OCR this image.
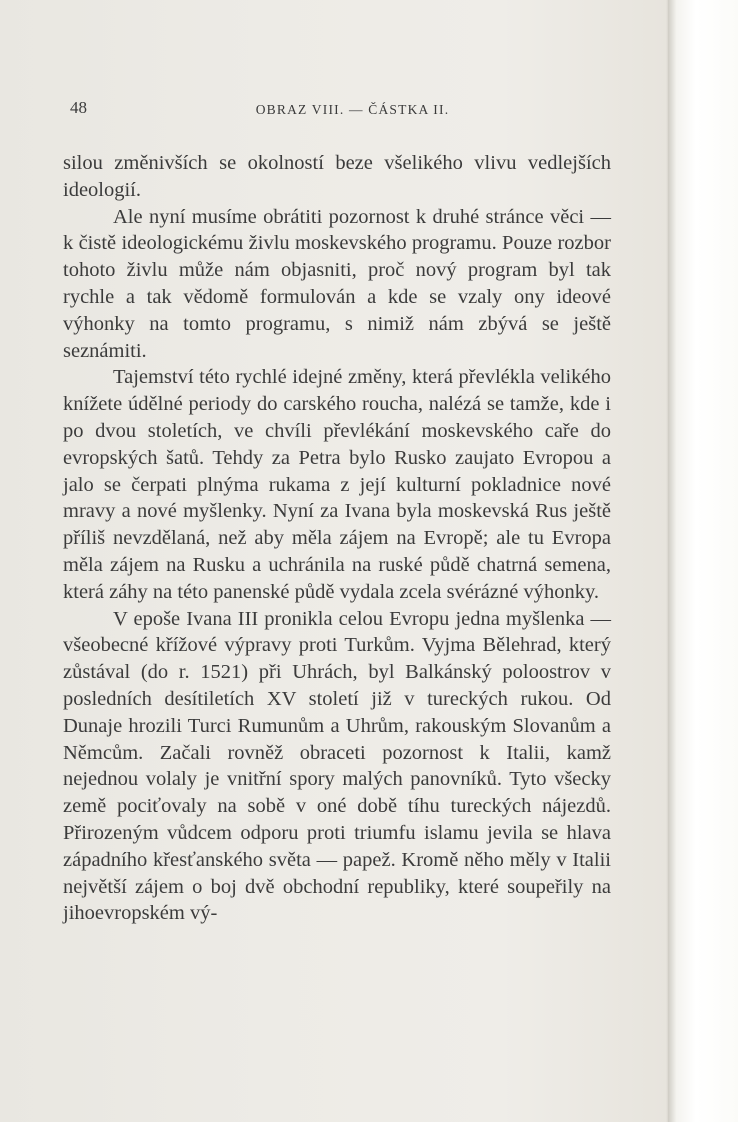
48	OBRAZ VIII. — ČÁSTKA II.

silou změnivších se okolností beze všelikého vlivu vedlejších ideologií.

Ale nyní musíme obrátiti pozornost k druhé stránce věci — k čistě ideologickému živlu moskevského programu. Pouze rozbor tohoto živlu může nám objasniti, proč nový program byl tak rychle a tak vědomě formulován a kde se vzaly ony ideové výhonky na tomto programu, s nimiž nám zbývá se ještě seznámiti.

Tajemství této rychlé idejné změny, která převlékla velikého knížete údělné periody do carského roucha, nalézá se tamže, kde i po dvou stoletích, ve chvíli převlékání moskevského caře do evropských šatů. Tehdy za Petra bylo Rusko zaujato Evropou a jalo se čerpati plnýma rukama z její kulturní pokladnice nové mravy a nové myšlenky. Nyní za Ivana byla moskevská Rus ještě příliš nevzdělaná, než aby měla zájem na Evropě; ale tu Evropa měla zájem na Rusku a uchránila na ruské půdě chatrná semena, která záhy na této panenské půdě vydala zcela svérázné výhonky.

V epoše Ivana III pronikla celou Evropu jedna myšlenka — všeobecné křížové výpravy proti Turkům. Vyjma Bělehrad, který zůstával (do r. 1521) při Uhrách, byl Balkánský poloostrov v posledních desítiletích XV století již v tureckých rukou. Od Dunaje hrozili Turci Rumunům a Uhrům, rakouským Slovanům a Němcům. Začali rovněž obraceti pozornost k Italii, kamž nejednou volaly je vnitřní spory malých panovníků. Tyto všecky země pociťovaly na sobě v oné době tíhu tureckých nájezdů. Přirozeným vůdcem odporu proti triumfu islamu jevila se hlava západního křesťanského světa — papež. Kromě něho měly v Italii největší zájem o boj dvě obchodní republiky, které soupeřily na jihoevropském vý-
